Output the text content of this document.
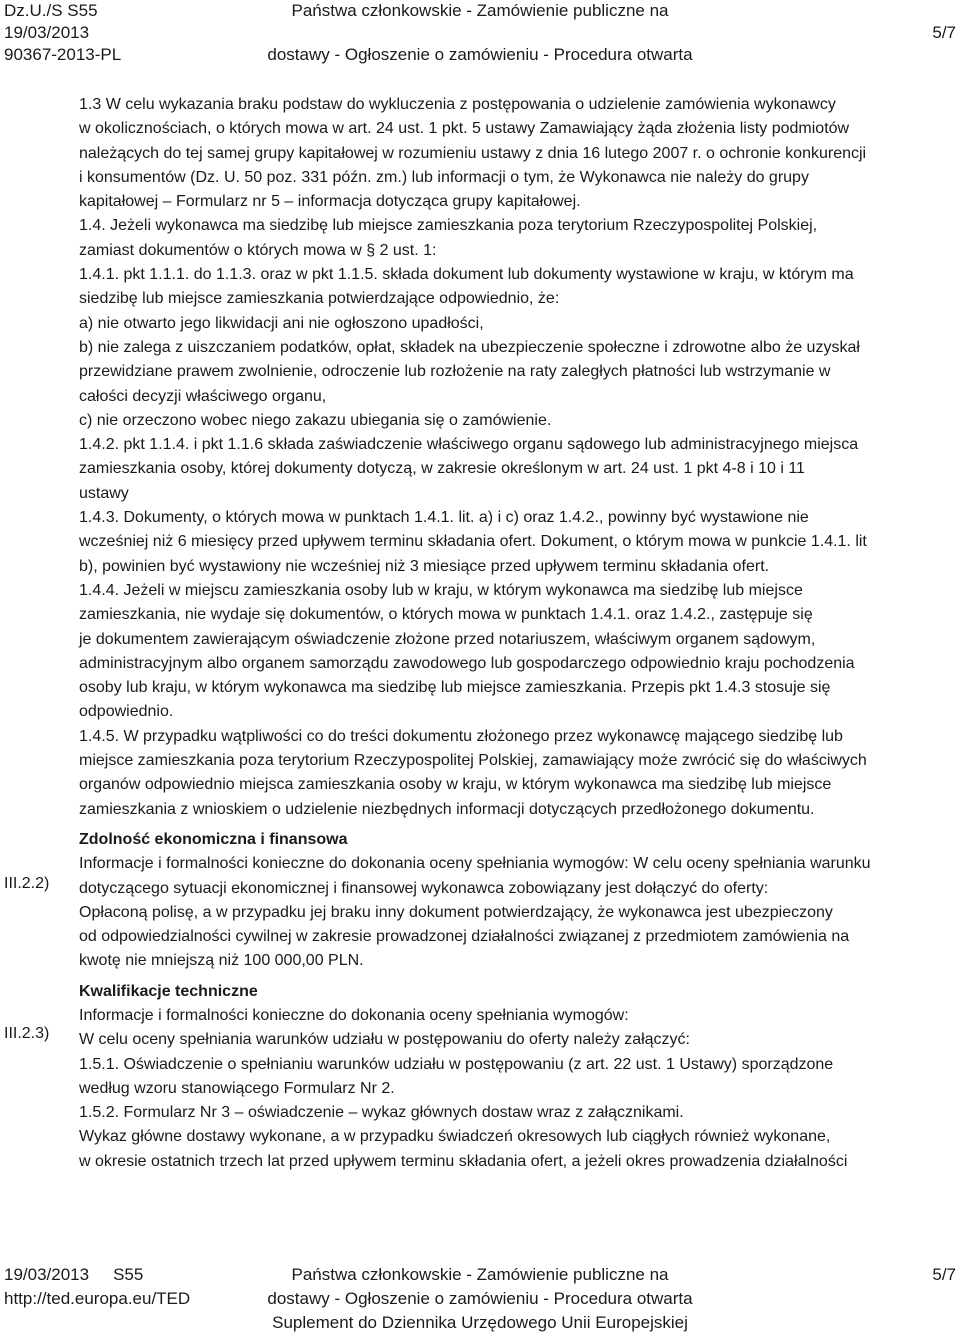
Dz.U./S S55
19/03/2013
90367-2013-PL
Państwa członkowskie - Zamówienie publiczne na
dostawy - Ogłoszenie o zamówieniu - Procedura otwarta
5/7
III.2.2)
III.2.3)

1.3 W celu wykazania braku podstaw do wykluczenia z postępowania o udzielenie zamówienia wykonawcy

w okolicznościach, o których mowa w art. 24 ust. 1 pkt. 5 ustawy Zamawiający żąda złożenia listy podmiotów

należących do tej samej grupy kapitałowej w rozumieniu ustawy z dnia 16 lutego 2007 r. o ochronie konkurencji

i konsumentów (Dz. U. 50 poz. 331 późn. zm.) lub informacji o tym, że Wykonawca nie należy do grupy

kapitałowej – Formularz nr 5 – informacja dotycząca grupy kapitałowej.

1.4. Jeżeli wykonawca ma siedzibę lub miejsce zamieszkania poza terytorium Rzeczypospolitej Polskiej,

zamiast dokumentów o których mowa w § 2 ust. 1:

1.4.1. pkt 1.1.1. do 1.1.3. oraz w pkt 1.1.5. składa dokument lub dokumenty wystawione w kraju, w którym ma

siedzibę lub miejsce zamieszkania potwierdzające odpowiednio, że:

a) nie otwarto jego likwidacji ani nie ogłoszono upadłości,

b) nie zalega z uiszczaniem podatków, opłat, składek na ubezpieczenie społeczne i zdrowotne albo że uzyskał

przewidziane prawem zwolnienie, odroczenie lub rozłożenie na raty zaległych płatności lub wstrzymanie w

całości decyzji właściwego organu,

c) nie orzeczono wobec niego zakazu ubiegania się o zamówienie.

1.4.2. pkt 1.1.4. i pkt 1.1.6 składa zaświadczenie właściwego organu sądowego lub administracyjnego miejsca

zamieszkania osoby, której dokumenty dotyczą, w zakresie określonym w art. 24 ust. 1 pkt 4-8 i 10 i 11

ustawy

1.4.3. Dokumenty, o których mowa w punktach 1.4.1. lit. a) i c) oraz 1.4.2., powinny być wystawione nie

wcześniej niż 6 miesięcy przed upływem terminu składania ofert. Dokument, o którym mowa w punkcie 1.4.1. lit

b), powinien być wystawiony nie wcześniej niż 3 miesiące przed upływem terminu składania ofert.

1.4.4. Jeżeli w miejscu zamieszkania osoby lub w kraju, w którym wykonawca ma siedzibę lub miejsce

zamieszkania, nie wydaje się dokumentów, o których mowa w punktach 1.4.1. oraz 1.4.2., zastępuje się

je dokumentem zawierającym oświadczenie złożone przed notariuszem, właściwym organem sądowym,

administracyjnym albo organem samorządu zawodowego lub gospodarczego odpowiednio kraju pochodzenia

osoby lub kraju, w którym wykonawca ma siedzibę lub miejsce zamieszkania. Przepis pkt 1.4.3 stosuje się

odpowiednio.

1.4.5. W przypadku wątpliwości co do treści dokumentu złożonego przez wykonawcę mającego siedzibę lub

miejsce zamieszkania poza terytorium Rzeczypospolitej Polskiej, zamawiający może zwrócić się do właściwych

organów odpowiednio miejsca zamieszkania osoby w kraju, w którym wykonawca ma siedzibę lub miejsce

zamieszkania z wnioskiem o udzielenie niezbędnych informacji dotyczących przedłożonego dokumentu.

Zdolność ekonomiczna i finansowa

Informacje i formalności konieczne do dokonania oceny spełniania wymogów: W celu oceny spełniania warunku

dotyczącego sytuacji ekonomicznej i finansowej wykonawca zobowiązany jest dołączyć do oferty:

Opłaconą polisę, a w przypadku jej braku inny dokument potwierdzający, że wykonawca jest ubezpieczony

od odpowiedzialności cywilnej w zakresie prowadzonej działalności związanej z przedmiotem zamówienia na

kwotę nie mniejszą niż 100 000,00 PLN.

Kwalifikacje techniczne

Informacje i formalności konieczne do dokonania oceny spełniania wymogów:

W celu oceny spełniania warunków udziału w postępowaniu do oferty należy załączyć:

1.5.1. Oświadczenie o spełnianiu warunków udziału w postępowaniu (z art. 22 ust. 1 Ustawy) sporządzone

według wzoru stanowiącego Formularz Nr 2.

1.5.2. Formularz Nr 3 – oświadczenie – wykaz głównych dostaw wraz z załącznikami.

Wykaz główne dostawy wykonane, a w przypadku świadczeń okresowych lub ciągłych również wykonane,

w okresie ostatnich trzech lat przed upływem terminu składania ofert, a jeżeli okres prowadzenia działalności

19/03/2013 S55
http://ted.europa.eu/TED
Państwa członkowskie - Zamówienie publiczne na
dostawy - Ogłoszenie o zamówieniu - Procedura otwarta
Suplement do Dziennika Urzędowego Unii Europejskiej
5/7
